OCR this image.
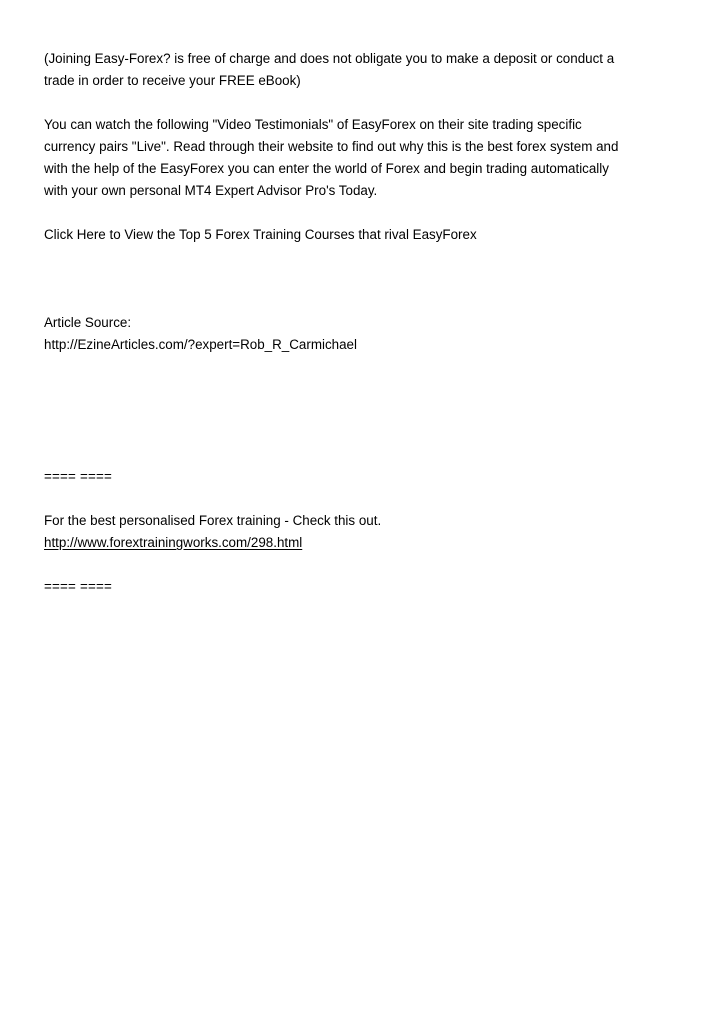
(Joining Easy-Forex? is free of charge and does not obligate you to make a deposit or conduct a
trade in order to receive your FREE eBook)

You can watch the following "Video Testimonials" of EasyForex on their site trading specific
currency pairs "Live". Read through their website to find out why this is the best forex system and
with the help of the EasyForex you can enter the world of Forex and begin trading automatically
with your own personal MT4 Expert Advisor Pro's Today.

Click Here to View the Top 5 Forex Training Courses that rival EasyForex

Article Source:
http://EzineArticles.com/?expert=Rob_R_Carmichael

==== ====

For the best personalised Forex training - Check this out.
http://www.forextrainingworks.com/298.html

==== ====
